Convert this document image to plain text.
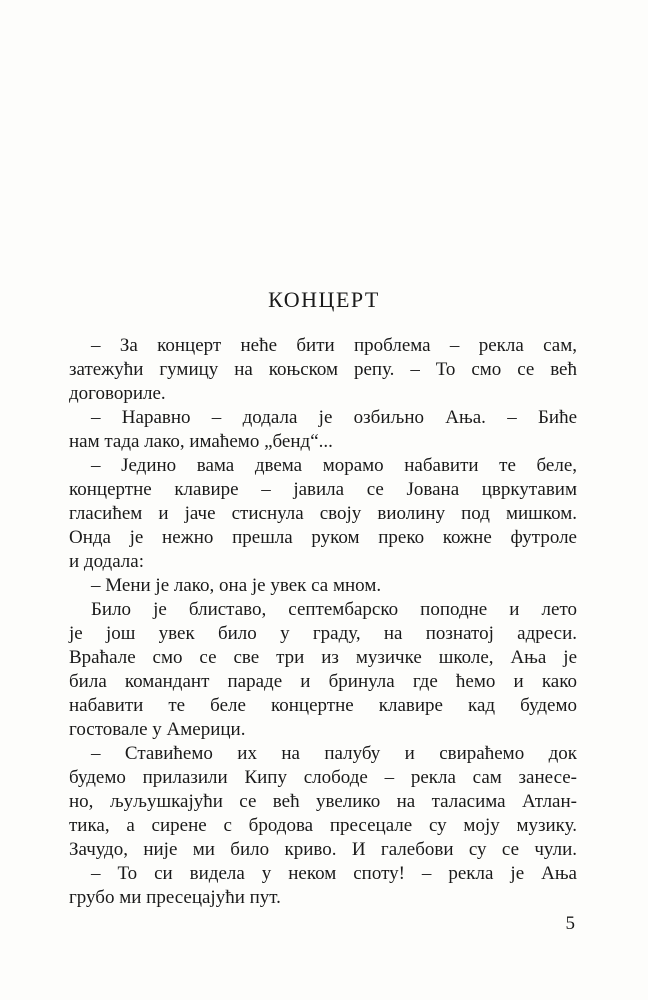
КОНЦЕРТ
– За концерт неће бити проблема – рекла сам,
затежући гумицу на коњском репу. – То смо се већ
договориле.
– Наравно – додала је озбиљно Ања. – Биће
нам тада лако, имаћемо „бенд“...
– Једино вама двема морамо набавити те беле,
концертне клавире – јавила се Јована цвркутавим
гласићем и јаче стиснула своју виолину под мишком.
Онда је нежно прешла руком преко кожне футроле
и додала:
– Мени је лако, она је увек са мном.
Било је блиставо, септембарско поподне и лето
је још увек било у граду, на познатој адреси.
Враћале смо се све три из музичке школе, Ања је
била командант параде и бринула где ћемо и како
набавити те беле концертне клавире кад будемо
гостовале у Америци.
– Ставићемо их на палубу и свираћемо док
будемо прилазили Кипу слободе – рекла сам занесе-
но, љуљушкајући се већ увелико на таласима Атлан-
тика, а сирене с бродова пресецале су моју музику.
Зачудо, није ми било криво. И галебови су се чули.
– То си видела у неком споту! – рекла је Ања
грубо ми пресецајући пут.
5
